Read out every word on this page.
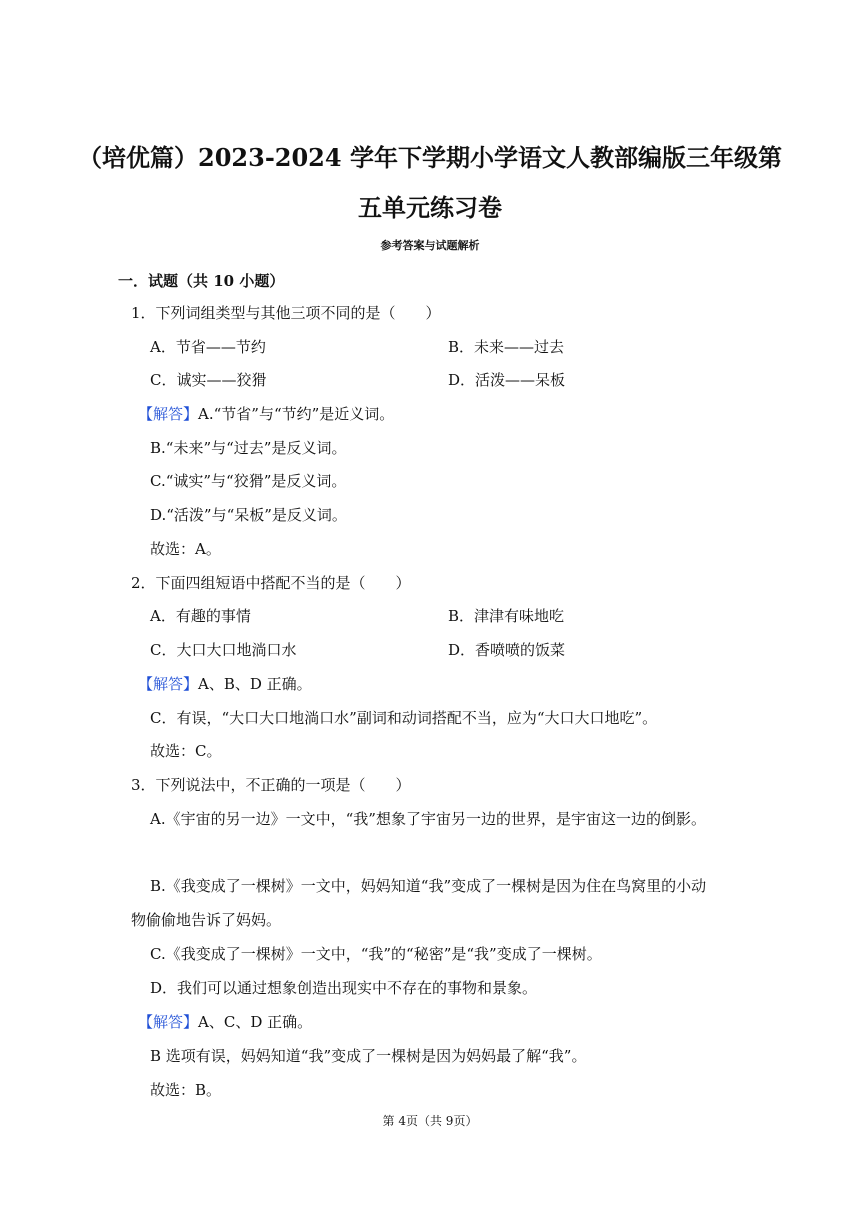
（培优篇）2023-2024 学年下学期小学语文人教部编版三年级第
五单元练习卷
参考答案与试题解析
一．试题（共 10 小题）
1．下列词组类型与其他三项不同的是（　　）
A．节省——节约	B．未来——过去
C．诚实——狡猾	D．活泼——呆板
【解答】A.“节省”与“节约”是近义词。
B.“未来”与“过去”是反义词。
C.“诚实”与“狡猾”是反义词。
D.“活泼”与“呆板”是反义词。
故选：A。
2．下面四组短语中搭配不当的是（　　）
A．有趣的事情	B．津津有味地吃
C．大口大口地淌口水	D．香喷喷的饭菜
【解答】A、B、D 正确。
C．有误，“大口大口地淌口水”副词和动词搭配不当，应为“大口大口地吃”。
故选：C。
3．下列说法中，不正确的一项是（　　）
A.《宇宙的另一边》一文中，“我”想象了宇宙另一边的世界，是宇宙这一边的倒影。
B.《我变成了一棵树》一文中，妈妈知道“我”变成了一棵树是因为住在鸟窝里的小动
物偷偷地告诉了妈妈。
C.《我变成了一棵树》一文中，“我”的“秘密”是“我”变成了一棵树。
D．我们可以通过想象创造出现实中不存在的事物和景象。
【解答】A、C、D 正确。
B 选项有误，妈妈知道“我”变成了一棵树是因为妈妈最了解“我”。
故选：B。
第 4页（共 9页）
